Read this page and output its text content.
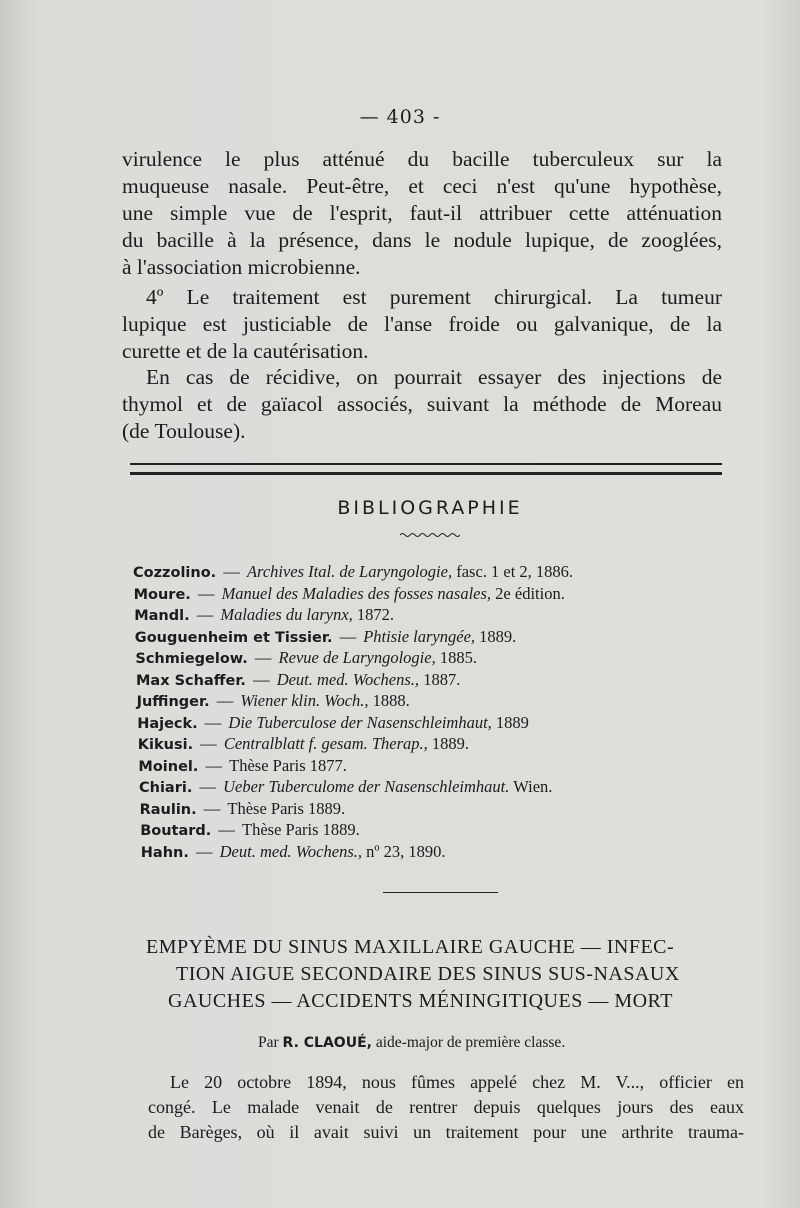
— 403 -
virulence le plus atténué du bacille tuberculeux sur la
muqueuse nasale. Peut-être, et ceci n'est qu'une hypothèse,
une simple vue de l'esprit, faut-il attribuer cette atténuation
du bacille à la présence, dans le nodule lupique, de zooglées,
à l'association microbienne.
4º Le traitement est purement chirurgical. La tumeur
lupique est justiciable de l'anse froide ou galvanique, de la
curette et de la cautérisation.
En cas de récidive, on pourrait essayer des injections de
thymol et de gaïacol associés, suivant la méthode de Moreau
(de Toulouse).
BIBLIOGRAPHIE
Cozzolino. — Archives Ital. de Laryngologie, fasc. 1 et 2, 1886.
Moure. — Manuel des Maladies des fosses nasales, 2e édition.
Mandl. — Maladies du larynx, 1872.
Gouguenheim et Tissier. — Phtisie laryngée, 1889.
Schmiegelow. — Revue de Laryngologie, 1885.
Max Schaffer. — Deut. med. Wochens., 1887.
Juffinger. — Wiener klin. Woch., 1888.
Hajeck. — Die Tuberculose der Nasenschleimhaut, 1889
Kikusi. — Centralblatt f. gesam. Therap., 1889.
Moinel. — Thèse Paris 1877.
Chiari. — Ueber Tuberculome der Nasenschleimhaut. Wien.
Raulin. — Thèse Paris 1889.
Boutard. — Thèse Paris 1889.
Hahn. — Deut. med. Wochens., nº 23, 1890.
EMPYÈME DU SINUS MAXILLAIRE GAUCHE — INFEC-
TION AIGUE SECONDAIRE DES SINUS SUS-NASAUX
GAUCHES — ACCIDENTS MÉNINGITIQUES — MORT
Par R. CLAOUÉ, aide-major de première classe.
Le 20 octobre 1894, nous fûmes appelé chez M. V..., officier en
congé. Le malade venait de rentrer depuis quelques jours des eaux
de Barèges, où il avait suivi un traitement pour une arthrite trauma-
